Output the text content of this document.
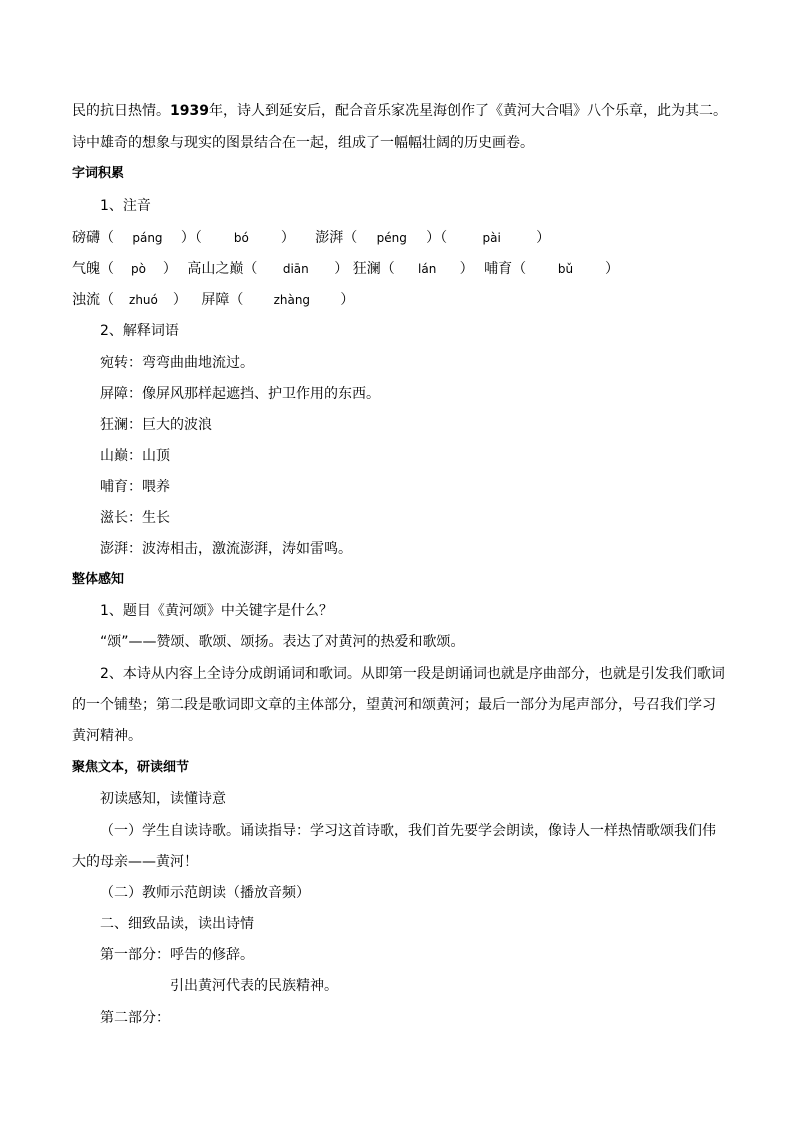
民的抗日热情。1939年，诗人到延安后，配合音乐家冼星海创作了《黄河大合唱》八个乐章，此为其二。
诗中雄奇的想象与现实的图景结合在一起，组成了一幅幅壮阔的历史画卷。
字词积累
1、注音
磅礴（ páng ）（	bó ） 澎湃（ péng ）（	pài	）
气魄（ pò ） 高山之巅（ diān ） 狂澜（ lán ） 哺育（	bǔ ）
浊流（ zhuó ） 屏障（	zhàng ）
2、解释词语
宛转：弯弯曲曲地流过。
屏障：像屏风那样起遮挡、护卫作用的东西。
狂澜：巨大的波浪
山巅：山顶
哺育：喂养
滋长：生长
澎湃：波涛相击，激流澎湃，涛如雷鸣。
整体感知
1、题目《黄河颂》中关键字是什么？
“颂”——赞颂、歌颂、颂扬。表达了对黄河的热爱和歌颂。
2、本诗从内容上全诗分成朗诵词和歌词。从即第一段是朗诵词也就是序曲部分，也就是引发我们歌词
的一个铺垫；第二段是歌词即文章的主体部分，望黄河和颂黄河；最后一部分为尾声部分，号召我们学习
黄河精神。
聚焦文本，研读细节
初读感知，读懂诗意
（一）学生自读诗歌。诵读指导：学习这首诗歌，我们首先要学会朗读，像诗人一样热情歌颂我们伟
大的母亲——黄河！
（二）教师示范朗读（播放音频）
二、细致品读，读出诗情
第一部分：呼告的修辞。
引出黄河代表的民族精神。
第二部分：
